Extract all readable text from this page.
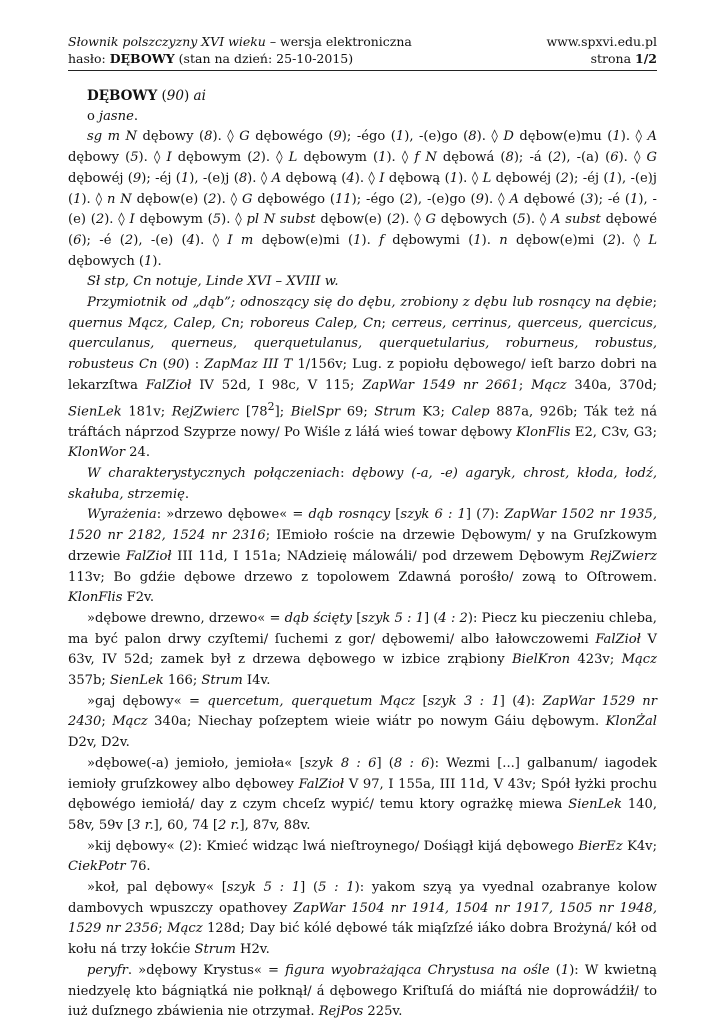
Słownik polszczyzny XVI wieku – wersja elektroniczna	www.spxvi.edu.pl
hasło: DĘBOWY (stan na dzień: 25-10-2015)	strona 1/2

DĘBOWY (90) ai

o jasne.

sg m N dębowy (8). ◊ G dębowégo (9); -égo (1), -(e)go (8). ◊ D dębow(e)mu (1). ◊ A dębowy (5). ◊ I dębowym (2). ◊ L dębowym (1). ◊ f N dębowá (8); -á (2), -(a) (6). ◊ G dębowéj (9); -éj (1), -(e)j (8). ◊ A dębową (4). ◊ I dębową (1). ◊ L dębowéj (2); -éj (1), -(e)j (1). ◊ n N dębow(e) (2). ◊ G dębowégo (11); -égo (2), -(e)go (9). ◊ A dębowé (3); -é (1), -(e) (2). ◊ I dębowym (5). ◊ pl N subst dębow(e) (2). ◊ G dębowych (5). ◊ A subst dębowé (6); -é (2), -(e) (4). ◊ I m dębow(e)mi (1). f dębowymi (1). n dębow(e)mi (2). ◊ L dębowych (1).

Sł stp, Cn notuje, Linde XVI – XVIII w.

Przymiotnik od „dąb”; odnoszący się do dębu, zrobiony z dębu lub rosnący na dębie; quernus Mącz, Calep, Cn; roboreus Calep, Cn; cerreus, cerrinus, querceus, quercicus, querculanus, querneus, querquetulanus, querquetularius, roburneus, robustus, robusteus Cn (90) : ZapMaz III T 1/156v; Lug. z popiołu dębowego/ ieſt barzo dobri na lekarzſtwa FalZioł IV 52d, I 98c, V 115; ZapWar 1549 nr 2661; Mącz 340a, 370d; SienLek 181v; RejZwierc $[78^2]$; BielSpr 69; Strum K3; Calep 887a, 926b; Ták też ná tráftách náprzod Szyprze nowy/ Po Wiśle z láłá wieś towar dębowy KlonFlis E2, C3v, G3; KlonWor 24.

W charakterystycznych połączeniach: dębowy (-a, -e) agaryk, chrost, kłoda, łodź, skałuba, strzemię.

Wyrażenia: »drzewo dębowe« = dąb rosnący [szyk 6 : 1] (7): ZapWar 1502 nr 1935, 1520 nr 2182, 1524 nr 2316; IEmioło roście na drzewie Dębowym/ y na Gruſzkowym drzewie FalZioł III 11d, I 151a; NAdzieię málowáli/ pod drzewem Dębowym RejZwierz 113v; Bo gdźie dębowe drzewo z topolowem Zdawná porośło/ zową to Oſtrowem. KlonFlis F2v.

»dębowe drewno, drzewo« = dąb ścięty [szyk 5 : 1] (4 : 2): Piecz ku pieczeniu chleba, ma być palon drwy czyſtemi/ ſuchemi z gor/ dębowemi/ albo łałowczowemi FalZioł V 63v, IV 52d; zamek był z drzewa dębowego w izbice zrąbiony BielKron 423v; Mącz 357b; SienLek 166; Strum I4v.

»gaj dębowy« = quercetum, querquetum Mącz [szyk 3 : 1] (4): ZapWar 1529 nr 2430; Mącz 340a; Niechay poſzeptem wieie wiátr po nowym Gáiu dębowym. KlonŻal D2v, D2v.

»dębowe(-a) jemioło, jemioła« [szyk 8 : 6] (8 : 6): Wezmi [...] galbanum/ iagodek iemioły gruſzkowey albo dębowey FalZioł V 97, I 155a, III 11d, V 43v; Spół łyżki prochu dębowégo iemiołá/ day z czym chceſz wypić/ temu ktory ograżkę miewa SienLek 140, 58v, 59v [3 r.], 60, 74 [2 r.], 87v, 88v.

»kij dębowy« (2): Kmieć widząc lwá nieſtroynego/ Dośiągł kijá dębowego BierEz K4v; CiekPotr 76.

»koł, pal dębowy« [szyk 5 : 1] (5 : 1): yakom szyą ya vyednal ozabranye kolow dambovych wpuszczy opathovey ZapWar 1504 nr 1914, 1504 nr 1917, 1505 nr 1948, 1529 nr 2356; Mącz 128d; Day bić kólé dębowé ták miąſzſzé iáko dobra Brożyná/ kół od kołu ná trzy łokćie Strum H2v.

peryfr. »dębowy Krystus« = figura wyobrażająca Chrystusa na ośle (1): W kwietną niedzyelę kto bágniątká nie połknął/ á dębowego Kriſtuſá do miáſtá nie doprowádźił/ to iuż duſznego zbáwienia nie otrzymał. RejPos 225v.
